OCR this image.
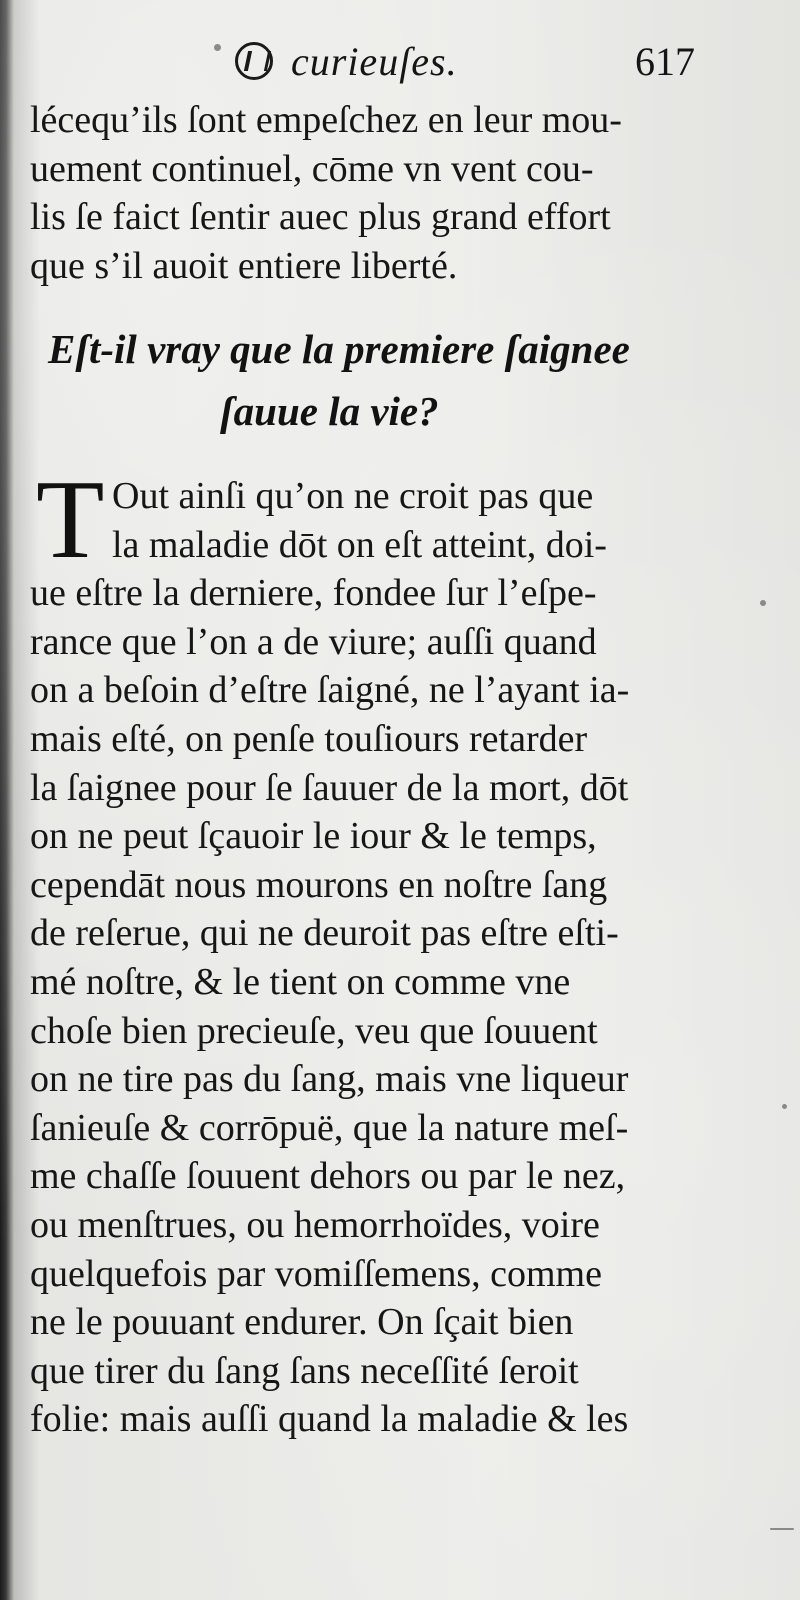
curieuſes.	617
lécequ’ils ſont empeſchez en leur mou-
uement continuel, cōme vn vent cou-
lis ſe faict ſentir auec plus grand effort
que s’il auoit entiere liberté.
Eſt-il vray que la premiere ſaignee
ſauue la vie?
T Out ainſi qu’on ne croit pas que
la maladie dōt on eſt atteint, doi-
ue eſtre la derniere, fondee ſur l’eſpe-
rance que l’on a de viure; auſſi quand
on a beſoin d’eſtre ſaigné, ne l’ayant ia-
mais eſté, on penſe touſiours retarder
la ſaignee pour ſe ſauuer de la mort, dōt
on ne peut ſçauoir le iour & le temps,
cependāt nous mourons en noſtre ſang
de reſerue, qui ne deuroit pas eſtre eſti-
mé noſtre, & le tient on comme vne
choſe bien precieuſe, veu que ſouuent
on ne tire pas du ſang, mais vne liqueur
ſanieuſe & corrōpuë, que la nature meſ-
me chaſſe ſouuent dehors ou par le nez,
ou menſtrues, ou hemorrhoïdes, voire
quelquefois par vomiſſemens, comme
ne le pouuant endurer. On ſçait bien
que tirer du ſang ſans neceſſité ſeroit
folie: mais auſſi quand la maladie & les
